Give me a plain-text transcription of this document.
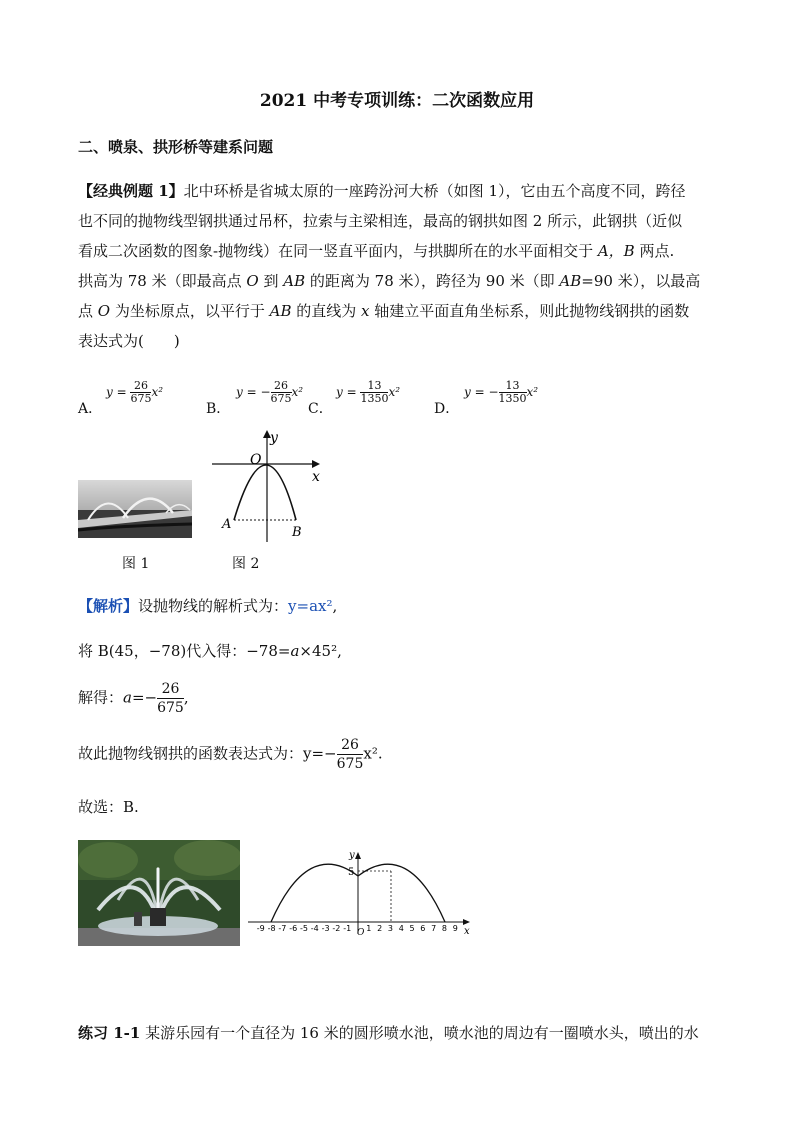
2021 中考专项训练：二次函数应用
二、喷泉、拱形桥等建系问题
【经典例题 1】北中环桥是省城太原的一座跨汾河大桥（如图 1），它由五个高度不同，跨径
也不同的抛物线型钢拱通过吊杯，拉索与主梁相连，最高的钢拱如图 2 所示，此钢拱（近似
看成二次函数的图象-抛物线）在同一竖直平面内，与拱脚所在的水平面相交于 A，B 两点.
拱高为 78 米（即最高点 O 到 AB 的距离为 78 米），跨径为 90 米（即 AB=90 米），以最高
点 O 为坐标原点，以平行于 AB 的直线为 x 轴建立平面直角坐标系，则此抛物线钢拱的函数
表达式为(　　)
A．
$y = \frac{26}{675} x^2$
B．
y = − $\frac{26}{675} x^2$
C．
$y = \frac{13}{1350} x^2$
D．
y = − $\frac{13}{1350} x^2$
图 1
y
x
O
A
B
图 2
【解析】设抛物线的解析式为：y=ax²,
将 B(45，−78)代入得：−78=a×45²,
解得：$a=- \frac{26}{675}$ ,
故此抛物线钢拱的函数表达式为：$y=- \frac{26}{675} x^2$.
故选：B.
y
x
5
O
-9 -8 -7 -6 -5 -4 -3 -2 -1 1 2 3 4 5 6 7 8 9
练习 1-1 某游乐园有一个直径为 16 米的圆形喷水池，喷水池的周边有一圈喷水头，喷出的水
